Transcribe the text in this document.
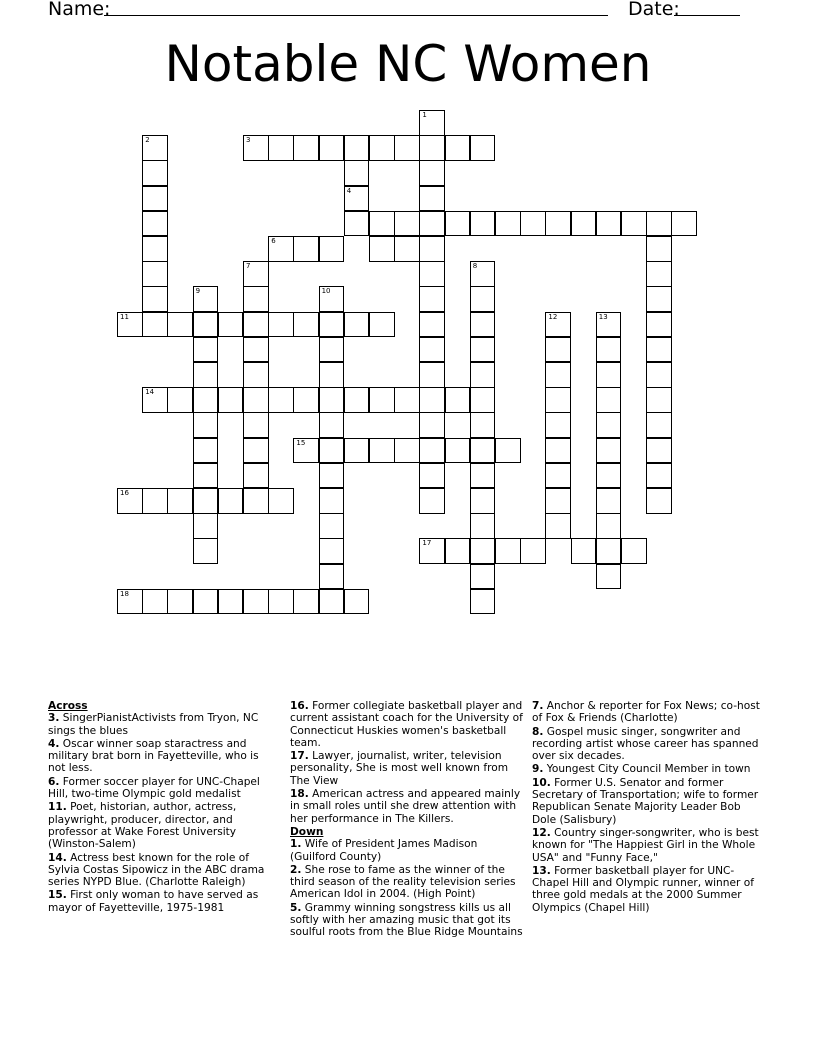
Name:	Date:
Notable NC Women
1
2	3
4
6
7	8
9	10
11	12	13
14
15
16
17
18
Across
3. SingerPianistActivists from Tryon, NC sings the blues
4. Oscar winner soap staractress and military brat born in Fayetteville, who is not less.
6. Former soccer player for UNC-Chapel Hill, two-time Olympic gold medalist
11. Poet, historian, author, actress, playwright, producer, director, and professor at Wake Forest University (Winston-Salem)
14. Actress best known for the role of Sylvia Costas Sipowicz in the ABC drama series NYPD Blue. (Charlotte Raleigh)
15. First only woman to have served as mayor of Fayetteville, 1975-1981
16. Former collegiate basketball player and current assistant coach for the University of Connecticut Huskies women's basketball team.
17. Lawyer, journalist, writer, television personality, She is most well known from The View
18. American actress and appeared mainly in small roles until she drew attention with her performance in The Killers.
Down
1. Wife of President James Madison (Guilford County)
2. She rose to fame as the winner of the third season of the reality television series American Idol in 2004. (High Point)
5. Grammy winning songstress kills us all softly with her amazing music that got its soulful roots from the Blue Ridge Mountains
7. Anchor & reporter for Fox News; co-host of Fox & Friends (Charlotte)
8. Gospel music singer, songwriter and recording artist whose career has spanned over six decades.
9. Youngest City Council Member in town
10. Former U.S. Senator and former Secretary of Transportation; wife to former Republican Senate Majority Leader Bob Dole (Salisbury)
12. Country singer-songwriter, who is best known for "The Happiest Girl in the Whole USA" and "Funny Face,"
13. Former basketball player for UNC-Chapel Hill and Olympic runner, winner of three gold medals at the 2000 Summer Olympics (Chapel Hill)
